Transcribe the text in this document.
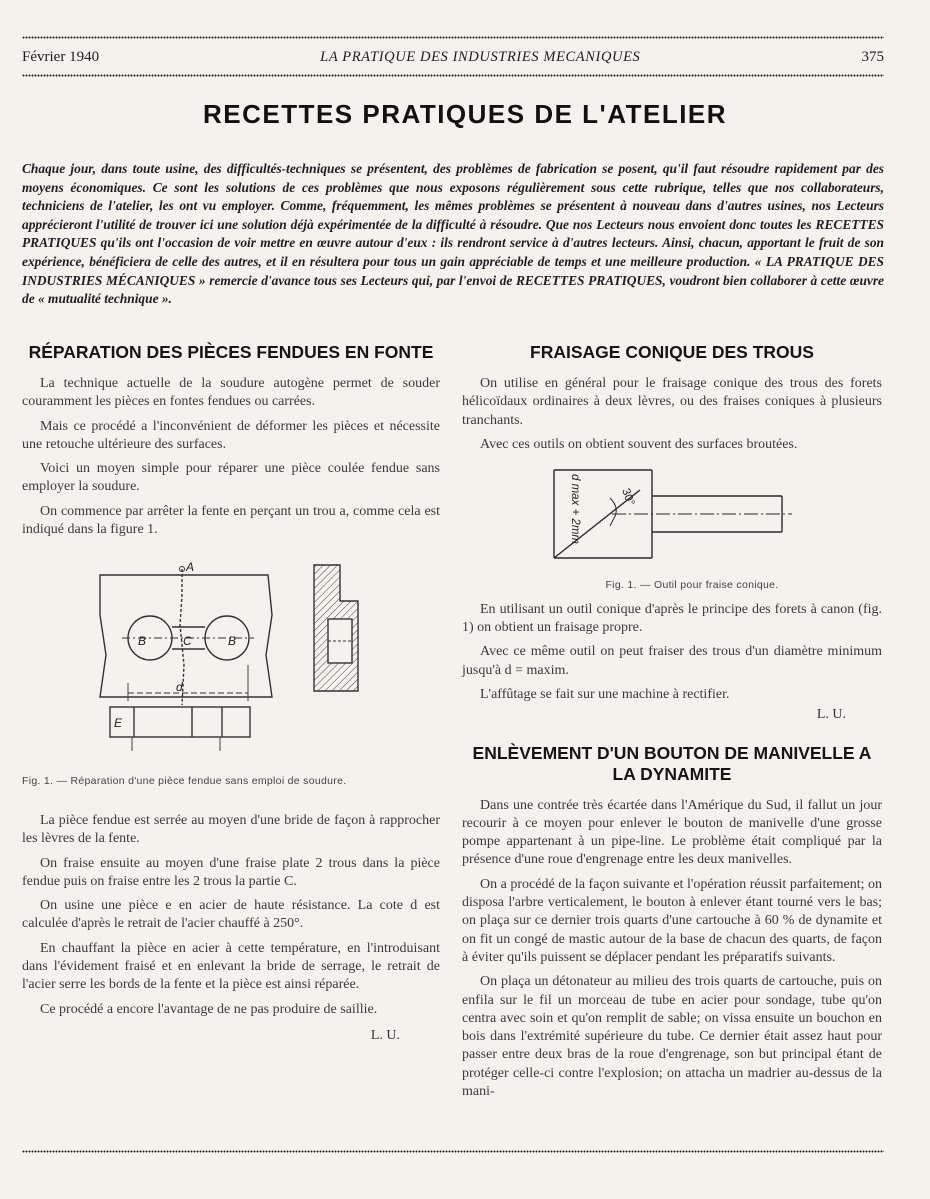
Février 1940	LA PRATIQUE DES INDUSTRIES MECANIQUES	375
RECETTES PRATIQUES DE L'ATELIER
Chaque jour, dans toute usine, des difficultés-techniques se présentent, des problèmes de fabrication se posent, qu'il faut résoudre rapidement par des moyens économiques. Ce sont les solutions de ces problèmes que nous exposons régulièrement sous cette rubrique, telles que nos collaborateurs, techniciens de l'atelier, les ont vu employer. Comme, fréquemment, les mêmes problèmes se présentent à nouveau dans d'autres usines, nos Lecteurs apprécieront l'utilité de trouver ici une solution déjà expérimentée de la difficulté à résoudre. Que nos Lecteurs nous envoient donc toutes les RECETTES PRATIQUES qu'ils ont l'occasion de voir mettre en œuvre autour d'eux : ils rendront service à d'autres lecteurs. Ainsi, chacun, apportant le fruit de son expérience, bénéficiera de celle des autres, et il en résultera pour tous un gain appréciable de temps et une meilleure production. « LA PRATIQUE DES INDUSTRIES MÉCANIQUES » remercie d'avance tous ses Lecteurs qui, par l'envoi de RECETTES PRATIQUES, voudront bien collaborer à cette œuvre de « mutualité technique ».
RÉPARATION DES PIÈCES FENDUES EN FONTE

La technique actuelle de la soudure autogène permet de souder couramment les pièces en fontes fendues ou carrées.

Mais ce procédé a l'inconvénient de déformer les pièces et nécessite une retouche ultérieure des surfaces.

Voici un moyen simple pour réparer une pièce coulée fendue sans employer la soudure.

On commence par arrêter la fente en perçant un trou a, comme cela est indiqué dans la figure 1.

A
B	C	B
d
E
Fig. 1. — Réparation d'une pièce fendue sans emploi de soudure.

La pièce fendue est serrée au moyen d'une bride de façon à rapprocher les lèvres de la fente.

On fraise ensuite au moyen d'une fraise plate 2 trous dans la pièce fendue puis on fraise entre les 2 trous la partie C.

On usine une pièce e en acier de haute résistance. La cote d est calculée d'après le retrait de l'acier chauffé à 250°.

En chauffant la pièce en acier à cette température, en l'introduisant dans l'évidement fraisé et en enlevant la bride de serrage, le retrait de l'acier serre les bords de la fente et la pièce est ainsi réparée.

Ce procédé a encore l'avantage de ne pas produire de saillie.

L. U.
FRAISAGE CONIQUE DES TROUS

On utilise en général pour le fraisage conique des trous des forets hélicoïdaux ordinaires à deux lèvres, ou des fraises coniques à plusieurs tranchants.

Avec ces outils on obtient souvent des surfaces broutées.

d max + 2mm	30°
Fig. 1. — Outil pour fraise conique.

En utilisant un outil conique d'après le principe des forets à canon (fig. 1) on obtient un fraisage propre.

Avec ce même outil on peut fraiser des trous d'un diamètre minimum jusqu'à d = maxim.

L'affûtage se fait sur une machine à rectifier.

L. U.
ENLÈVEMENT D'UN BOUTON DE MANIVELLE A LA DYNAMITE

Dans une contrée très écartée dans l'Amérique du Sud, il fallut un jour recourir à ce moyen pour enlever le bouton de manivelle d'une grosse pompe appartenant à un pipe-line. Le problème était compliqué par la présence d'une roue d'engrenage entre les deux manivelles.

On a procédé de la façon suivante et l'opération réussit parfaitement; on disposa l'arbre verticalement, le bouton à enlever étant tourné vers le bas; on plaça sur ce dernier trois quarts d'une cartouche à 60 % de dynamite et on fit un congé de mastic autour de la base de chacun des quarts, de façon à éviter qu'ils puissent se déplacer pendant les préparatifs suivants.

On plaça un détonateur au milieu des trois quarts de cartouche, puis on enfila sur le fil un morceau de tube en acier pour sondage, tube qu'on centra avec soin et qu'on remplit de sable; on vissa ensuite un bouchon en bois dans l'extrémité supérieure du tube. Ce dernier était assez haut pour passer entre deux bras de la roue d'engrenage, son but principal étant de protéger celle-ci contre l'explosion; on attacha un madrier au-dessus de la mani-
